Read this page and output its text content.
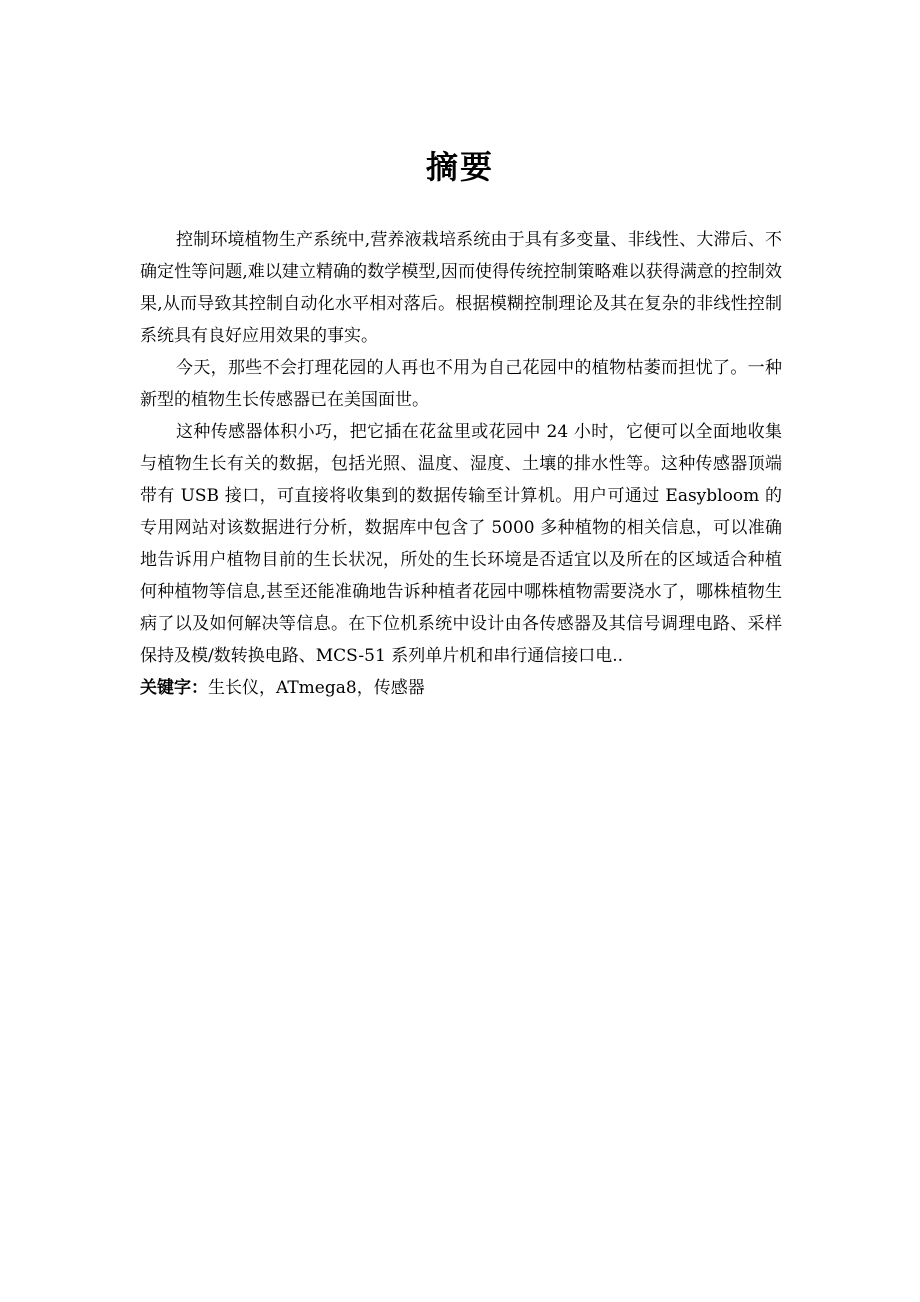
摘要

控制环境植物生产系统中,营养液栽培系统由于具有多变量、非线性、大滞后、不确定性等问题,难以建立精确的数学模型,因而使得传统控制策略难以获得满意的控制效果,从而导致其控制自动化水平相对落后。根据模糊控制理论及其在复杂的非线性控制系统具有良好应用效果的事实。

今天，那些不会打理花园的人再也不用为自己花园中的植物枯萎而担忧了。一种新型的植物生长传感器已在美国面世。

这种传感器体积小巧，把它插在花盆里或花园中 24 小时，它便可以全面地收集与植物生长有关的数据，包括光照、温度、湿度、土壤的排水性等。这种传感器顶端带有 USB 接口，可直接将收集到的数据传输至计算机。用户可通过 Easybloom 的专用网站对该数据进行分析，数据库中包含了 5000 多种植物的相关信息，可以准确地告诉用户植物目前的生长状况，所处的生长环境是否适宜以及所在的区域适合种植何种植物等信息,甚至还能准确地告诉种植者花园中哪株植物需要浇水了，哪株植物生病了以及如何解决等信息。在下位机系统中设计由各传感器及其信号调理电路、采样保持及模/数转换电路、MCS-51 系列单片机和串行通信接口电..

关键字：生长仪，ATmega8，传感器
